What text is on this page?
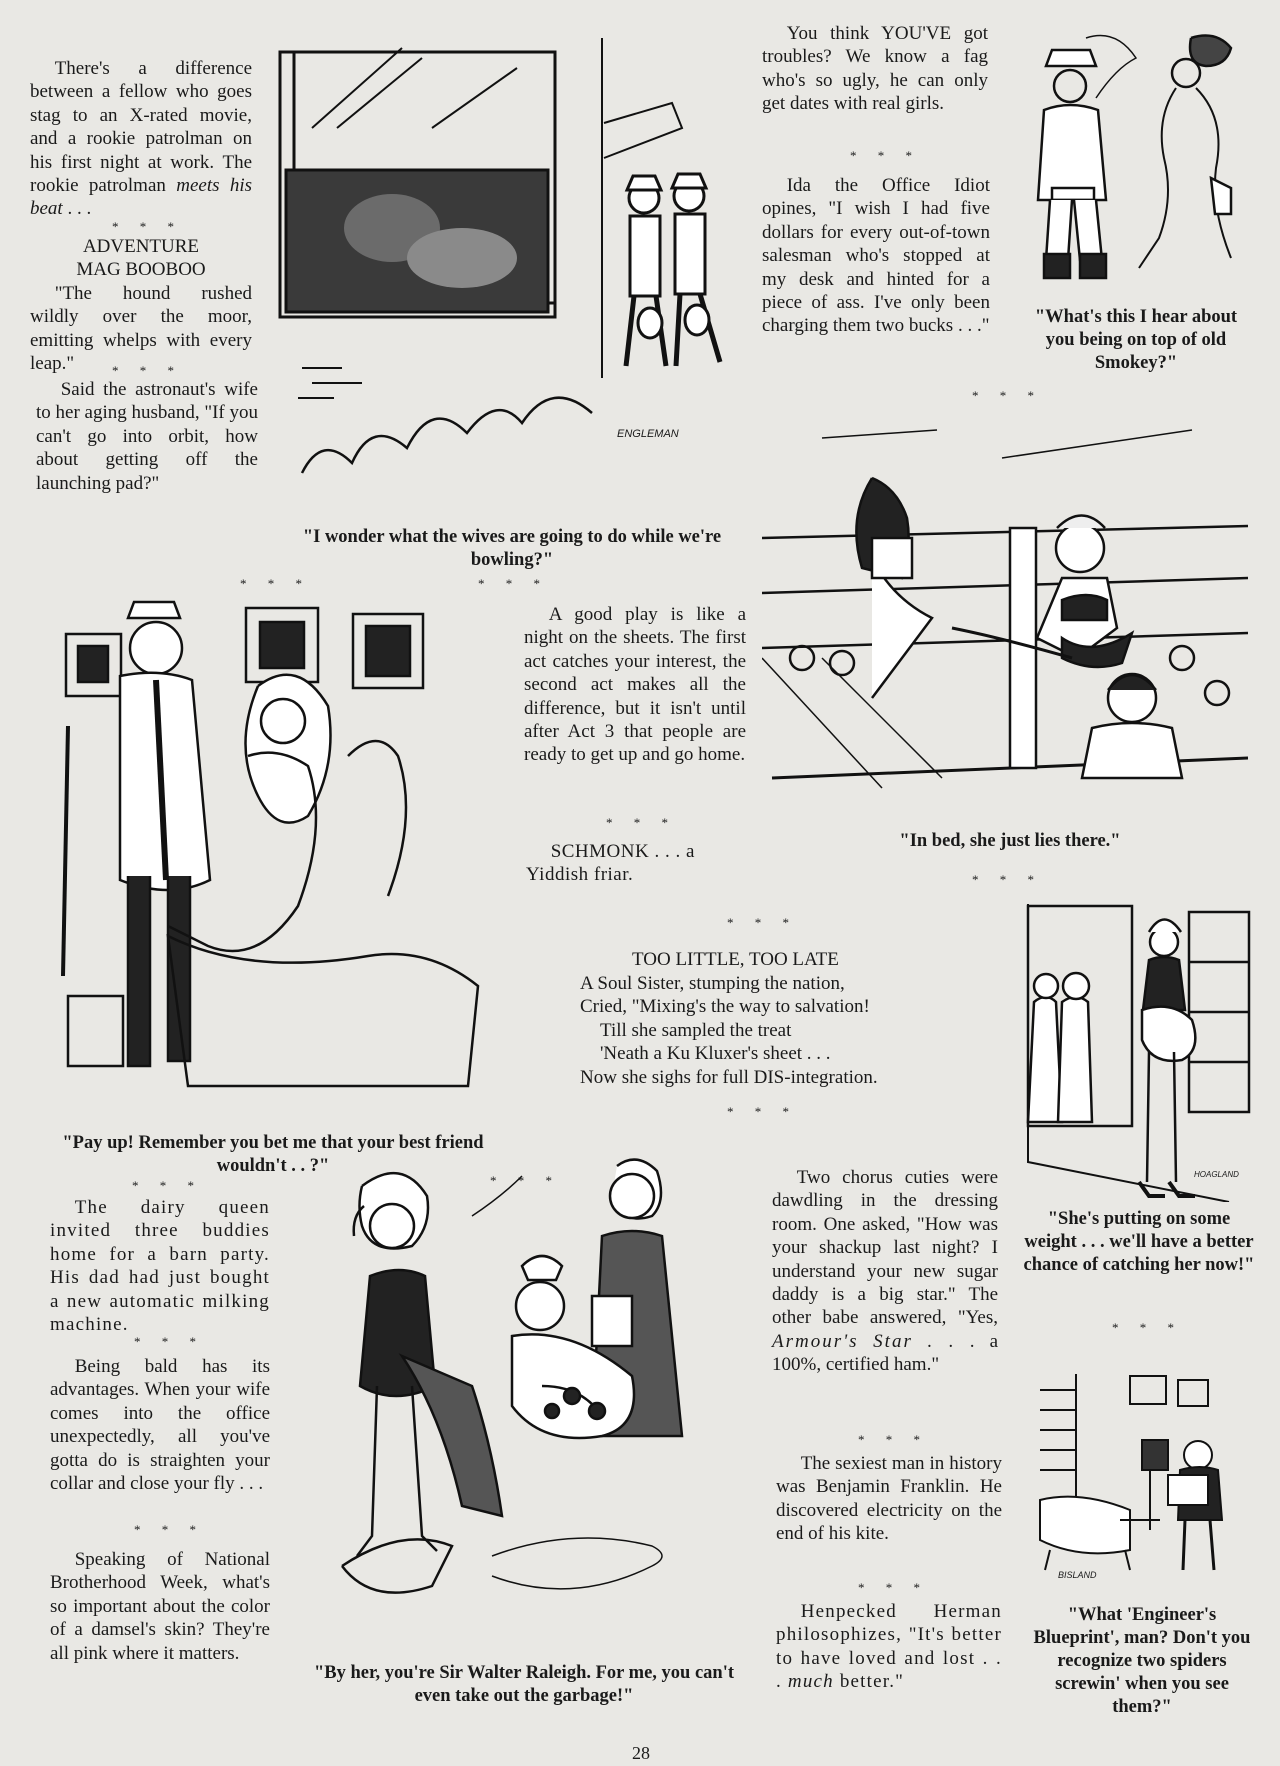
There's a difference between a fellow who goes stag to an X-rated movie, and a rookie patrolman on his first night at work. The rookie patrolman meets his beat . . .

* * *
ADVENTURE MAG BOOBOO

"The hound rushed wildly over the moor, emitting whelps with every leap."	* * *

Said the astronaut's wife to her aging husband, "If you can't go into orbit, how about getting off the launching pad?"

ENGLEMAN
"I wonder what the wives are going to do while we're bowling?"

You think YOU'VE got troubles? We know a fag who's so ugly, he can only get dates with real girls.

* * *

Ida the Office Idiot opines, "I wish I had five dollars for every out-of-town salesman who's stopped at my desk and hinted for a piece of ass. I've only been charging them two bucks . . ."

* * *
"What's this I hear about you being on top of old Smokey?"
"In bed, she just lies there."
* * *
* * *	* * *
"Pay up! Remember you bet me that your best friend wouldn't . . ?"

A good play is like a night on the sheets. The first act catches your interest, the second act makes all the difference, but it isn't until after Act 3 that people are ready to get up and go home.

* * *

SCHMONK . . . a Yiddish friar.

* * *
TOO LITTLE, TOO LATE
A Soul Sister, stumping the nation,
Cried, "Mixing's the way to salvation!
Till she sampled the treat
'Neath a Ku Kluxer's sheet . . .
Now she sighs for full DIS-integration.
* * *
HOAGLAND
"She's putting on some weight . . . we'll have a better chance of catching her now!"
* * *
* * *

The dairy queen invited three buddies home for a barn party. His dad had just bought a new automatic milking machine.

* * *

Being bald has its advantages. When your wife comes into the office unexpectedly, all you've gotta do is straighten your collar and close your fly . . .

* * *

Speaking of National Brotherhood Week, what's so important about the color of a damsel's skin? They're all pink where it matters.

* * *
"By her, you're Sir Walter Raleigh. For me, you can't even take out the garbage!"

Two chorus cuties were dawdling in the dressing room. One asked, "How was your shackup last night? I understand your new sugar daddy is a big star." The other babe answered, "Yes, Armour's Star . . . a 100%, certified ham."

* * *

The sexiest man in history was Benjamin Franklin. He discovered electricity on the end of his kite.

* * *

Henpecked Herman philosophizes, "It's better to have loved and lost . . . much better."

BISLAND
"What 'Engineer's Blueprint', man? Don't you recognize two spiders screwin' when you see them?"
28
